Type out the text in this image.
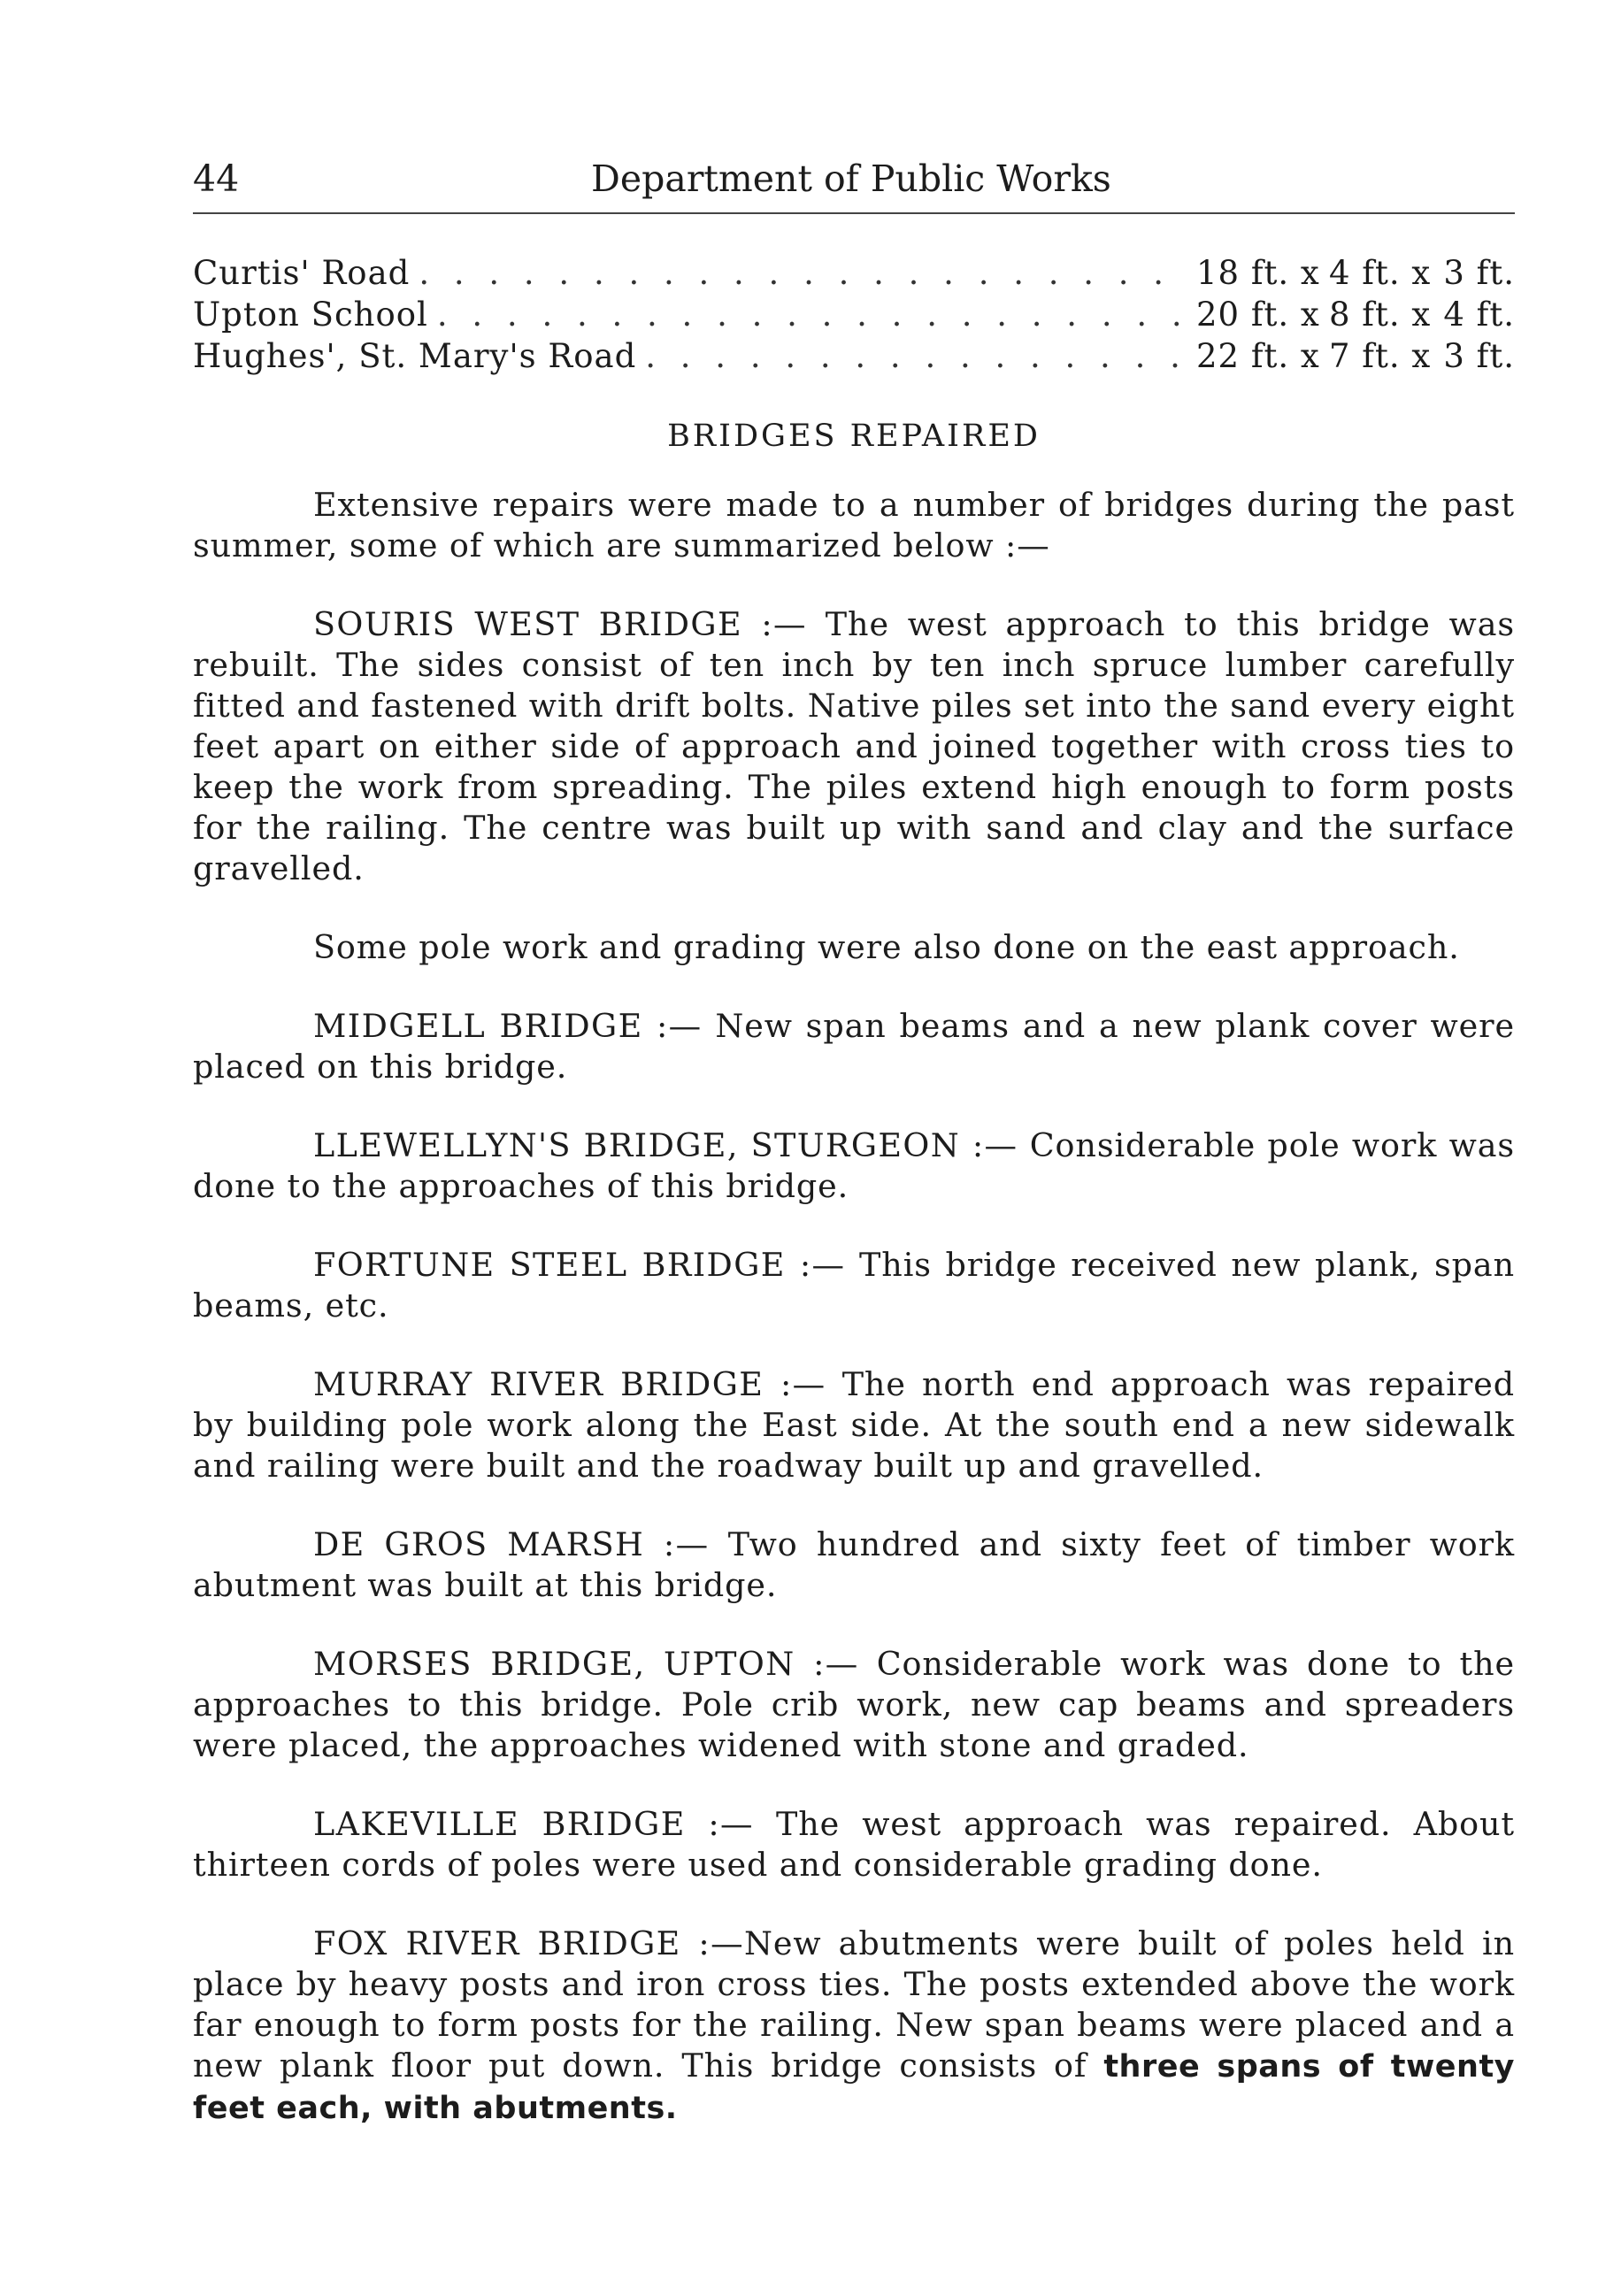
44	Department of Public Works
Curtis' Road . . .	18 ft. x 4 ft. x 3 ft.
Upton School . . .	20 ft. x 8 ft. x 4 ft.
Hughes', St. Mary's Road . . .	22 ft. x 7 ft. x 3 ft.
BRIDGES REPAIRED

Extensive repairs were made to a number of bridges during the past summer, some of which are summarized below :—

SOURIS WEST BRIDGE :— The west approach to this bridge was rebuilt. The sides consist of ten inch by ten inch spruce lumber carefully fitted and fastened with drift bolts. Native piles set into the sand every eight feet apart on either side of approach and joined together with cross ties to keep the work from spreading. The piles extend high enough to form posts for the railing. The centre was built up with sand and clay and the surface gravelled.

Some pole work and grading were also done on the east approach.

MIDGELL BRIDGE :— New span beams and a new plank cover were placed on this bridge.

LLEWELLYN'S BRIDGE, STURGEON :— Considerable pole work was done to the approaches of this bridge.

FORTUNE STEEL BRIDGE :— This bridge received new plank, span beams, etc.

MURRAY RIVER BRIDGE :— The north end approach was repaired by building pole work along the East side. At the south end a new sidewalk and railing were built and the roadway built up and gravelled.

DE GROS MARSH :— Two hundred and sixty feet of timber work abutment was built at this bridge.

MORSES BRIDGE, UPTON :— Considerable work was done to the approaches to this bridge. Pole crib work, new cap beams and spreaders were placed, the approaches widened with stone and graded.

LAKEVILLE BRIDGE :— The west approach was repaired. About thirteen cords of poles were used and considerable grading done.

FOX RIVER BRIDGE :—New abutments were built of poles held in place by heavy posts and iron cross ties. The posts extended above the work far enough to form posts for the railing. New span beams were placed and a new plank floor put down. This bridge consists of three spans of twenty feet each, with abutments.
